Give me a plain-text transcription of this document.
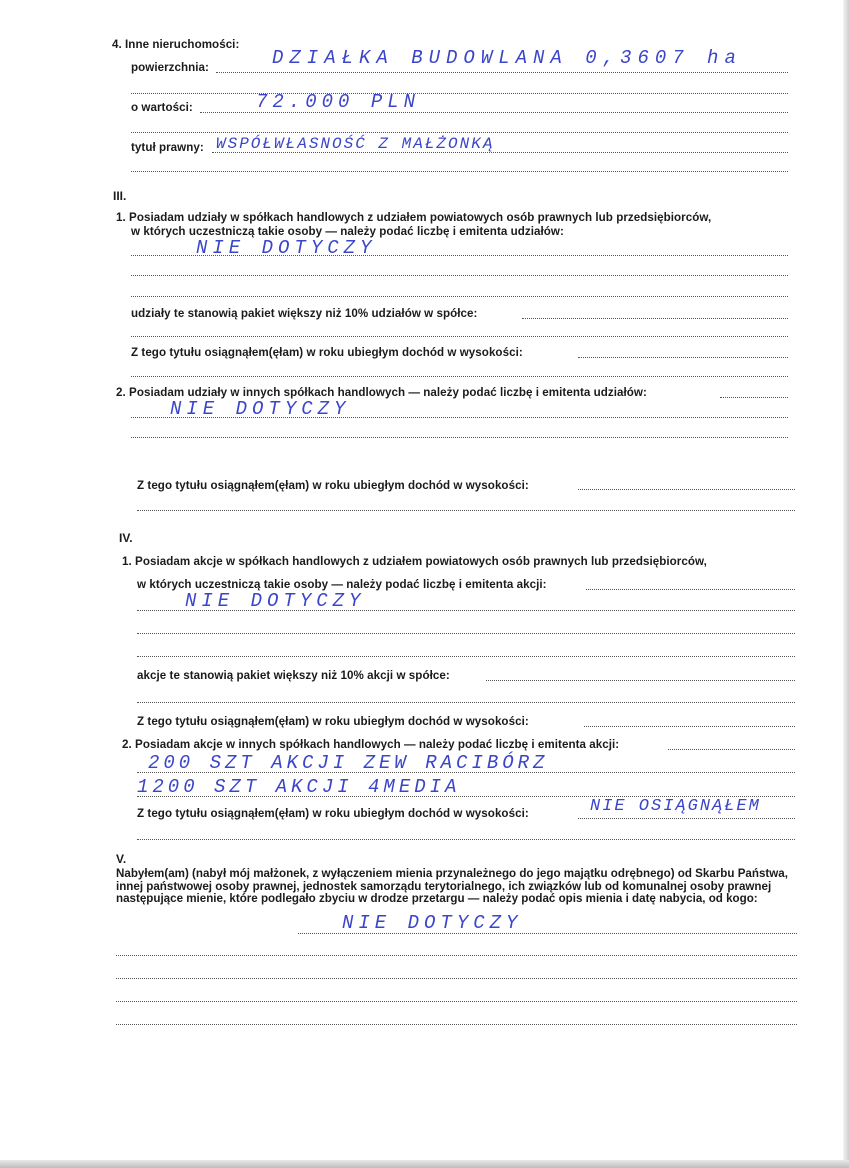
4. Inne nieruchomości:
powierzchnia:	DZIAŁKA BUDOWLANA 0,3607 ha
o wartości:	72.000 PLN
tytuł prawny: WSPÓŁWŁASNOŚĆ Z MAŁŻONKĄ
III.
1. Posiadam udziały w spółkach handlowych z udziałem powiatowych osób prawnych lub przedsiębiorców,
w których uczestniczą takie osoby — należy podać liczbę i emitenta udziałów:
NIE DOTYCZY
udziały te stanowią pakiet większy niż 10% udziałów w spółce:
Z tego tytułu osiągnąłem(ęłam) w roku ubiegłym dochód w wysokości:
2. Posiadam udziały w innych spółkach handlowych — należy podać liczbę i emitenta udziałów:
NIE DOTYCZY
Z tego tytułu osiągnąłem(ęłam) w roku ubiegłym dochód w wysokości:
IV.
1. Posiadam akcje w spółkach handlowych z udziałem powiatowych osób prawnych lub przedsiębiorców,
w których uczestniczą takie osoby — należy podać liczbę i emitenta akcji:
NIE DOTYCZY
akcje te stanowią pakiet większy niż 10% akcji w spółce:
Z tego tytułu osiągnąłem(ęłam) w roku ubiegłym dochód w wysokości:
2. Posiadam akcje w innych spółkach handlowych — należy podać liczbę i emitenta akcji:
200 SZT AKCJI ZEW RACIBÓRZ
1200 SZT AKCJI 4MEDIA
Z tego tytułu osiągnąłem(ęłam) w roku ubiegłym dochód w wysokości:	NIE OSIĄGNĄŁEM
V.
Nabyłem(am) (nabył mój małżonek, z wyłączeniem mienia przynależnego do jego majątku odrębnego) od Skarbu Państwa, innej państwowej osoby prawnej, jednostek samorządu terytorialnego, ich związków lub od komunalnej osoby prawnej następujące mienie, które podlegało zbyciu w drodze przetargu — należy podać opis mienia i datę nabycia, od kogo:
NIE DOTYCZY
